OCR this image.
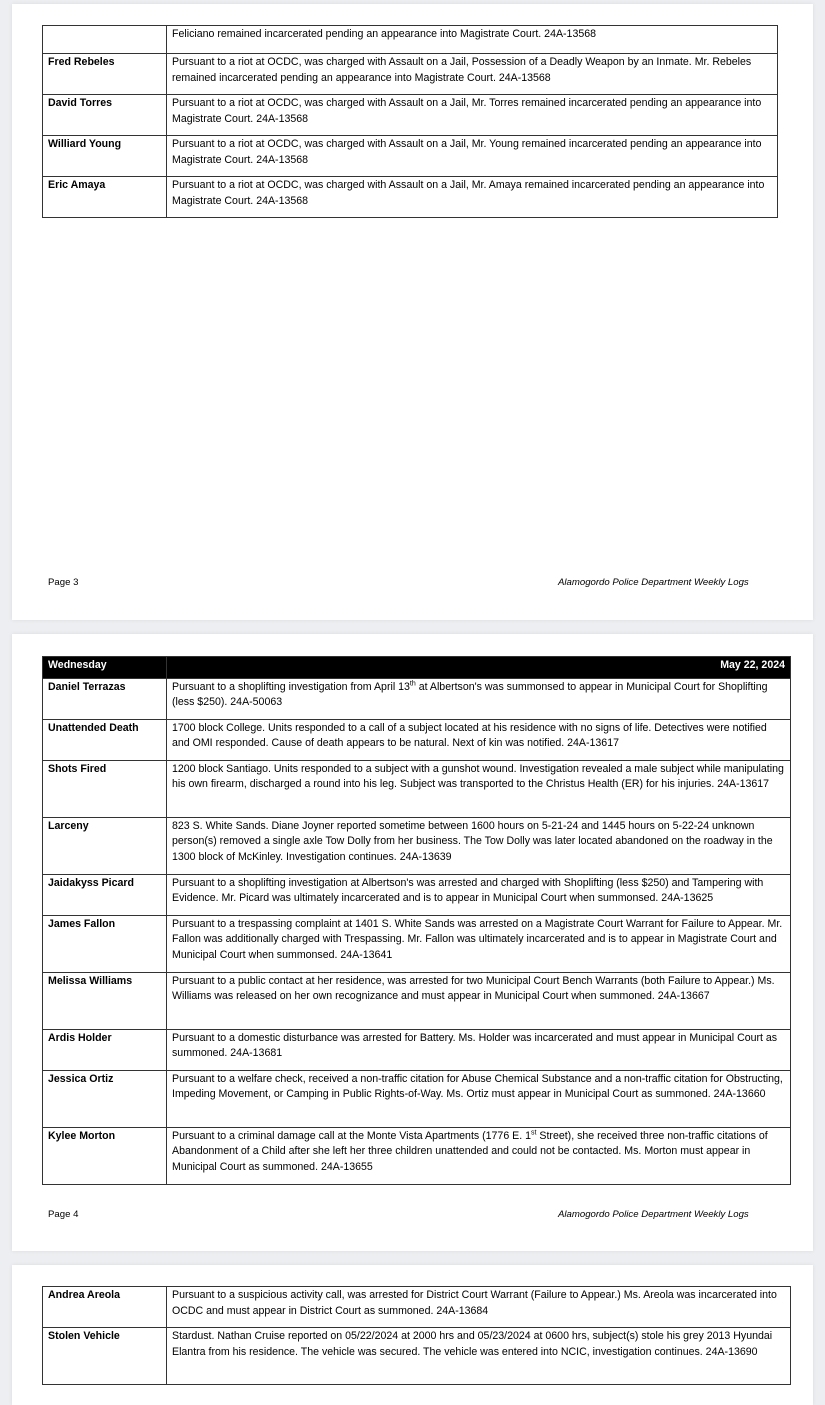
	Feliciano remained incarcerated pending an appearance into Magistrate Court. 24A-13568
Fred Rebeles	Pursuant to a riot at OCDC, was charged with Assault on a Jail, Possession of a Deadly Weapon by an Inmate. Mr. Rebeles remained incarcerated pending an appearance into Magistrate Court. 24A-13568
David Torres	Pursuant to a riot at OCDC, was charged with Assault on a Jail, Mr. Torres remained incarcerated pending an appearance into Magistrate Court. 24A-13568
Williard Young	Pursuant to a riot at OCDC, was charged with Assault on a Jail, Mr. Young remained incarcerated pending an appearance into Magistrate Court. 24A-13568
Eric Amaya	Pursuant to a riot at OCDC, was charged with Assault on a Jail, Mr. Amaya remained incarcerated pending an appearance into Magistrate Court. 24A-13568
Page 3	Alamogordo Police Department Weekly Logs
Wednesday	May 22, 2024
Daniel Terrazas	Pursuant to a shoplifting investigation from April 13th at Albertson's was summonsed to appear in Municipal Court for Shoplifting (less $250). 24A-50063
Unattended Death	1700 block College. Units responded to a call of a subject located at his residence with no signs of life. Detectives were notified and OMI responded. Cause of death appears to be natural. Next of kin was notified. 24A-13617
Shots Fired	1200 block Santiago. Units responded to a subject with a gunshot wound. Investigation revealed a male subject while manipulating his own firearm, discharged a round into his leg. Subject was transported to the Christus Health (ER) for his injuries. 24A-13617
Larceny	823 S. White Sands. Diane Joyner reported sometime between 1600 hours on 5-21-24 and 1445 hours on 5-22-24 unknown person(s) removed a single axle Tow Dolly from her business. The Tow Dolly was later located abandoned on the roadway in the 1300 block of McKinley. Investigation continues. 24A-13639
Jaidakyss Picard	Pursuant to a shoplifting investigation at Albertson's was arrested and charged with Shoplifting (less $250) and Tampering with Evidence. Mr. Picard was ultimately incarcerated and is to appear in Municipal Court when summonsed. 24A-13625
James Fallon	Pursuant to a trespassing complaint at 1401 S. White Sands was arrested on a Magistrate Court Warrant for Failure to Appear. Mr. Fallon was additionally charged with Trespassing. Mr. Fallon was ultimately incarcerated and is to appear in Magistrate Court and Municipal Court when summonsed. 24A-13641
Melissa Williams	Pursuant to a public contact at her residence, was arrested for two Municipal Court Bench Warrants (both Failure to Appear.) Ms. Williams was released on her own recognizance and must appear in Municipal Court when summoned. 24A-13667
Ardis Holder	Pursuant to a domestic disturbance was arrested for Battery. Ms. Holder was incarcerated and must appear in Municipal Court as summoned. 24A-13681
Jessica Ortiz	Pursuant to a welfare check, received a non-traffic citation for Abuse Chemical Substance and a non-traffic citation for Obstructing, Impeding Movement, or Camping in Public Rights-of-Way. Ms. Ortiz must appear in Municipal Court as summoned. 24A-13660
Kylee Morton	Pursuant to a criminal damage call at the Monte Vista Apartments (1776 E. 1st Street), she received three non-traffic citations of Abandonment of a Child after she left her three children unattended and could not be contacted. Ms. Morton must appear in Municipal Court as summoned. 24A-13655
Page 4	Alamogordo Police Department Weekly Logs
Andrea Areola	Pursuant to a suspicious activity call, was arrested for District Court Warrant (Failure to Appear.) Ms. Areola was incarcerated into OCDC and must appear in District Court as summoned. 24A-13684
Stolen Vehicle	Stardust. Nathan Cruise reported on 05/22/2024 at 2000 hrs and 05/23/2024 at 0600 hrs, subject(s) stole his grey 2013 Hyundai Elantra from his residence. The vehicle was secured. The vehicle was entered into NCIC, investigation continues. 24A-13690
